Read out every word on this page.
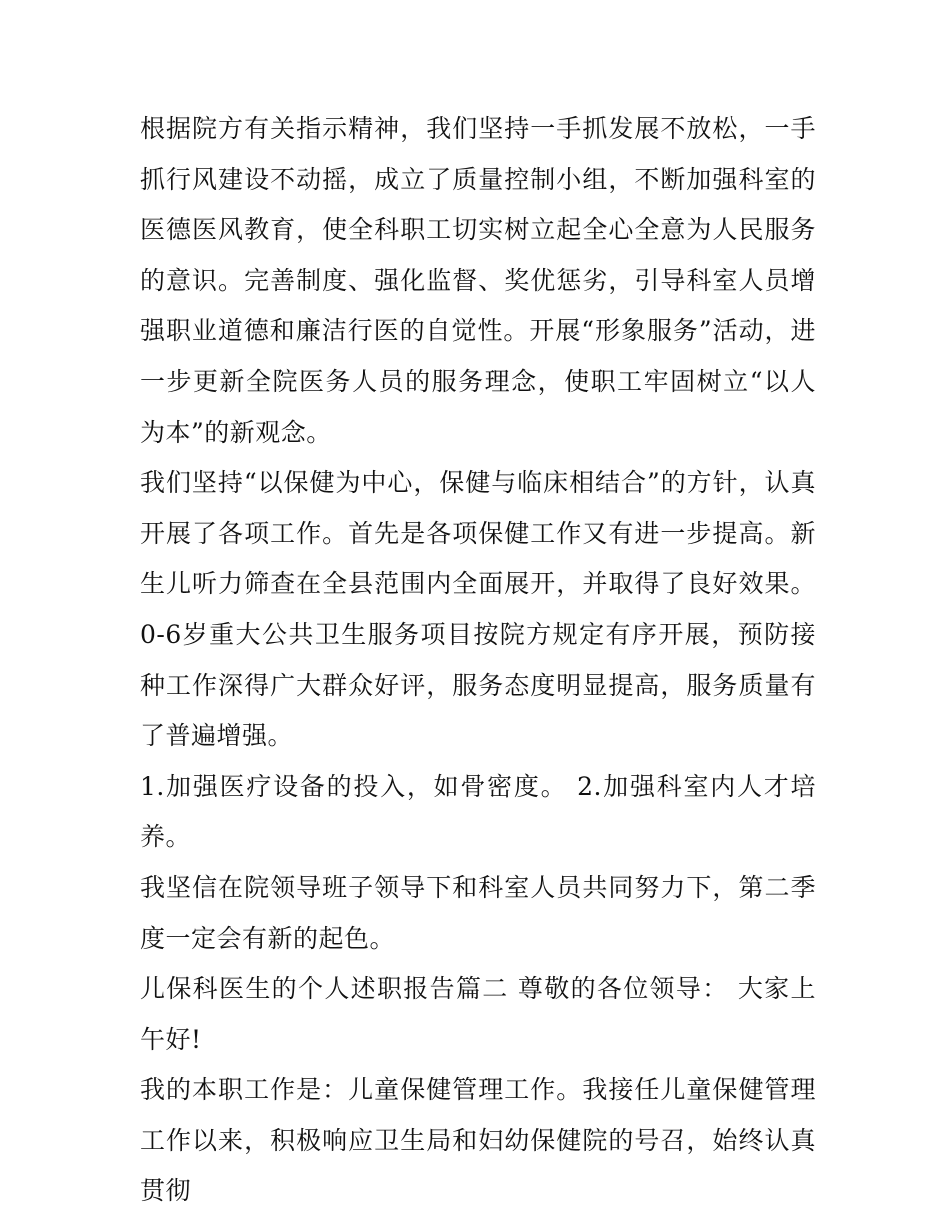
根据院方有关指示精神，我们坚持一手抓发展不放松，一手抓行风建设不动摇，成立了质量控制小组，不断加强科室的医德医风教育，使全科职工切实树立起全心全意为人民服务的意识。完善制度、强化监督、奖优惩劣，引导科室人员增强职业道德和廉洁行医的自觉性。开展“形象服务”活动，进一步更新全院医务人员的服务理念，使职工牢固树立“以人为本”的新观念。

我们坚持“以保健为中心，保健与临床相结合”的方针，认真开展了各项工作。首先是各项保健工作又有进一步提高。新生儿听力筛查在全县范围内全面展开，并取得了良好效果。0-6岁重大公共卫生服务项目按院方规定有序开展，预防接种工作深得广大群众好评，服务态度明显提高，服务质量有了普遍增强。

1.加强医疗设备的投入，如骨密度。 2.加强科室内人才培养。

我坚信在院领导班子领导下和科室人员共同努力下，第二季度一定会有新的起色。

儿保科医生的个人述职报告篇二 尊敬的各位领导： 大家上午好!

我的本职工作是：儿童保健管理工作。我接任儿童保健管理工作以来，积极响应卫生局和妇幼保健院的号召，始终认真贯彻
